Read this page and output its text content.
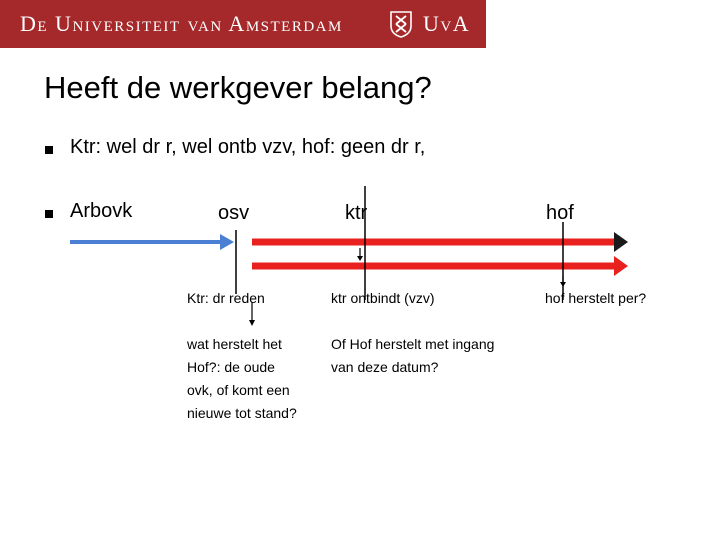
De Universiteit van Amsterdam	UvA
Heeft de werkgever belang?
Ktr: wel dr r, wel ontb vzv, hof: geen dr r,
Arbovk	osv	ktr	hof
Ktr: dr reden	ktr ontbindt (vzv)	hof herstelt per?
wat herstelt het
Hof?: de oude
ovk, of komt een
nieuwe tot stand?
Of Hof herstelt met ingang
van deze datum?
